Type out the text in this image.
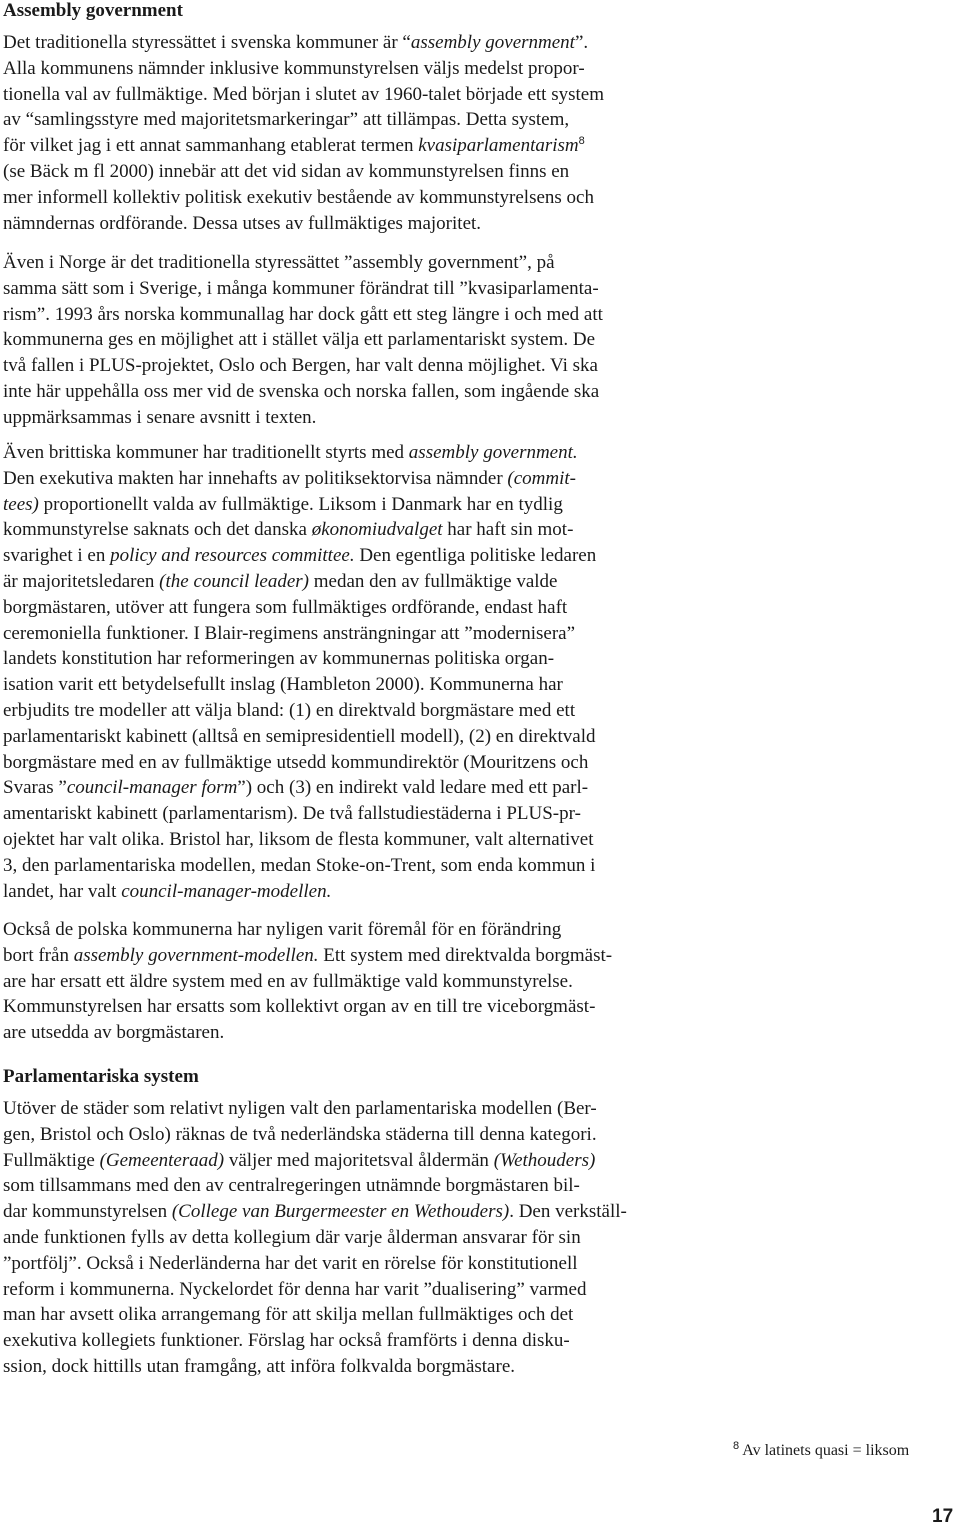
Assembly government

Det traditionella styressättet i svenska kommuner är “assembly government”.
Alla kommunens nämnder inklusive kommunstyrelsen väljs medelst propor-
tionella val av fullmäktige. Med början i slutet av 1960-talet började ett system
av “samlingsstyre med majoritetsmarkeringar” att tillämpas. Detta system,
för vilket jag i ett annat sammanhang etablerat termen kvasiparlamentarism$^8$
(se Bäck m fl 2000) innebär att det vid sidan av kommunstyrelsen finns en
mer informell kollektiv politisk exekutiv bestående av kommunstyrelsens och
nämndernas ordförande. Dessa utses av fullmäktiges majoritet.

Även i Norge är det traditionella styressättet ”assembly government”, på
samma sätt som i Sverige, i många kommuner förändrat till ”kvasiparlamenta-
rism”. 1993 års norska kommunallag har dock gått ett steg längre i och med att
kommunerna ges en möjlighet att i stället välja ett parlamentariskt system. De
två fallen i PLUS-projektet, Oslo och Bergen, har valt denna möjlighet. Vi ska
inte här uppehålla oss mer vid de svenska och norska fallen, som ingående ska
uppmärksammas i senare avsnitt i texten.

Även brittiska kommuner har traditionellt styrts med assembly government.
Den exekutiva makten har innehafts av politiksektorvisa nämnder (commit-
tees) proportionellt valda av fullmäktige. Liksom i Danmark har en tydlig
kommunstyrelse saknats och det danska økonomiudvalget har haft sin mot-
svarighet i en policy and resources committee. Den egentliga politiske ledaren
är majoritetsledaren (the council leader) medan den av fullmäktige valde
borgmästaren, utöver att fungera som fullmäktiges ordförande, endast haft
ceremoniella funktioner. I Blair-regimens ansträngningar att ”modernisera”
landets konstitution har reformeringen av kommunernas politiska organ-
isation varit ett betydelsefullt inslag (Hambleton 2000). Kommunerna har
erbjudits tre modeller att välja bland: (1) en direktvald borgmästare med ett
parlamentariskt kabinett (alltså en semipresidentiell modell), (2) en direktvald
borgmästare med en av fullmäktige utsedd kommundirektör (Mouritzens och
Svaras ”council-manager form”) och (3) en indirekt vald ledare med ett parl-
amentariskt kabinett (parlamentarism). De två fallstudiestäderna i PLUS-pr-
ojektet har valt olika. Bristol har, liksom de flesta kommuner, valt alternativet
3, den parlamentariska modellen, medan Stoke-on-Trent, som enda kommun i
landet, har valt council-manager-modellen.

Också de polska kommunerna har nyligen varit föremål för en förändring
bort från assembly government-modellen. Ett system med direktvalda borgmäst-
are har ersatt ett äldre system med en av fullmäktige vald kommunstyrelse.
Kommunstyrelsen har ersatts som kollektivt organ av en till tre viceborgmäst-
are utsedda av borgmästaren.

Parlamentariska system

Utöver de städer som relativt nyligen valt den parlamentariska modellen (Ber-
gen, Bristol och Oslo) räknas de två nederländska städerna till denna kategori.
Fullmäktige (Gemeenteraad) väljer med majoritetsval åldermän (Wethouders)
som tillsammans med den av centralregeringen utnämnde borgmästaren bil-
dar kommunstyrelsen (College van Burgermeester en Wethouders). Den verkställ-
ande funktionen fylls av detta kollegium där varje ålderman ansvarar för sin
”portfölj”. Också i Nederländerna har det varit en rörelse för konstitutionell
reform i kommunerna. Nyckelordet för denna har varit ”dualisering” varmed
man har avsett olika arrangemang för att skilja mellan fullmäktiges och det
exekutiva kollegiets funktioner. Förslag har också framförts i denna disku-
ssion, dock hittills utan framgång, att införa folkvalda borgmästare.

$^8$ Av latinets quasi = liksom

17
